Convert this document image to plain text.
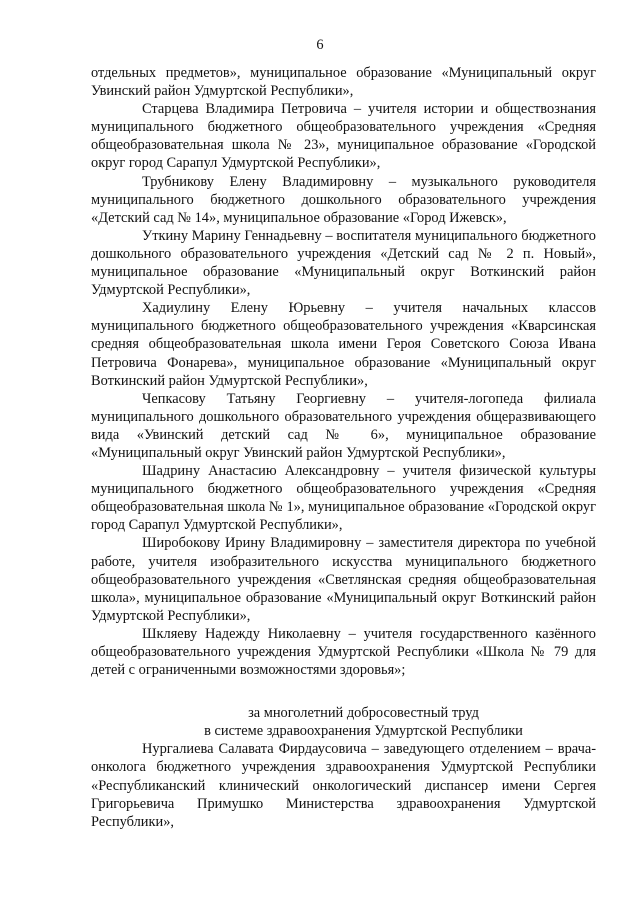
6

отдельных предметов», муниципальное образование «Муниципальный округ Увинский район Удмуртской Республики»,

Старцева Владимира Петровича – учителя истории и обществознания муниципального бюджетного общеобразовательного учреждения «Средняя общеобразовательная школа № 23», муниципальное образование «Городской округ город Сарапул Удмуртской Республики»,

Трубникову Елену Владимировну – музыкального руководителя муниципального бюджетного дошкольного образовательного учреждения «Детский сад № 14», муниципальное образование «Город Ижевск»,

Уткину Марину Геннадьевну – воспитателя муниципального бюджетного дошкольного образовательного учреждения «Детский сад № 2 п. Новый», муниципальное образование «Муниципальный округ Воткинский район Удмуртской Республики»,

Хадиулину Елену Юрьевну – учителя начальных классов муниципального бюджетного общеобразовательного учреждения «Кварсинская средняя общеобразовательная школа имени Героя Советского Союза Ивана Петровича Фонарева», муниципальное образование «Муниципальный округ Воткинский район Удмуртской Республики»,

Чепкасову Татьяну Георгиевну – учителя-логопеда филиала муниципального дошкольного образовательного учреждения общеразвивающего вида «Увинский детский сад № 6», муниципальное образование «Муниципальный округ Увинский район Удмуртской Республики»,

Шадрину Анастасию Александровну – учителя физической культуры муниципального бюджетного общеобразовательного учреждения «Средняя общеобразовательная школа № 1», муниципальное образование «Городской округ город Сарапул Удмуртской Республики»,

Широбокову Ирину Владимировну – заместителя директора по учебной работе, учителя изобразительного искусства муниципального бюджетного общеобразовательного учреждения «Светлянская средняя общеобразовательная школа», муниципальное образование «Муниципальный округ Воткинский район Удмуртской Республики»,

Шкляеву Надежду Николаевну – учителя государственного казённого общеобразовательного учреждения Удмуртской Республики «Школа № 79 для детей с ограниченными возможностями здоровья»;

за многолетний добросовестный труд

в системе здравоохранения Удмуртской Республики

Нургалиева Салавата Фирдаусовича – заведующего отделением – врача-онколога бюджетного учреждения здравоохранения Удмуртской Республики «Республиканский клинический онкологический диспансер имени Сергея Григорьевича Примушко Министерства здравоохранения Удмуртской Республики»,
